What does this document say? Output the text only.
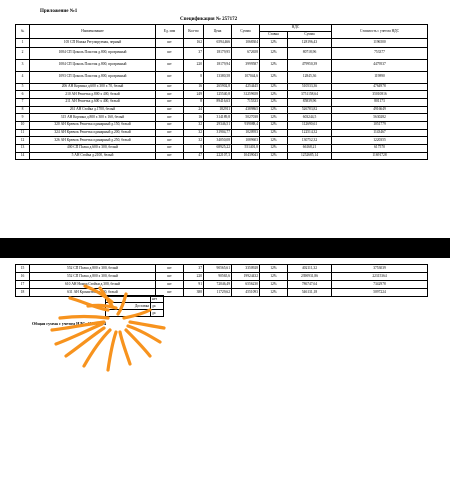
Приложение №1
Спецификация № 257172
№	Наименование	Ед. изм	Кол-во	Цена	Сумма	НДС		Стоимость с учетом НДС
						Ставка	Сумма	
1	105 СП Ножка Регулируемая, черный	шт	162	6594,466	1068304	12%	128196,43	1196500
2	1084 СП Цоколь Пластик д.800, прозрачный	шт	37	18179,95	672658	12%	80718,96	753377
3	1084 СП Цоколь Пластик д.800, прозрачный	шт	220	18179,94	3999587	12%	479950,39	4479537
4	1093 СП Цоколь Пластик д.800, прозрачный	шт	8	13380,58	107044,6	12%	12845,36	119890
5	206 АН Корзина д.600 x 300 x 70, белый	шт	16	265902,8	4254445	12%	510533,36	4764978
6	210 АН Решетка д.800 x 400, белый	шт	249	125540,8	31259658	12%	3751158,64	35010816
7	211 АН Решетка д.600 x 400, белый	шт	8	89416,63	715333	12%	85839,96	801173
8	261 АН Стойка д.1700, белый	шт	24	182911	4389865	12%	526783,82	4916649
9	315 АН Корзина д.800 x 300 x 160, белый	шт	16	314189,8	5027038	12%	603244,5	5630282
10	320 АН Крючок Решетка одинарный д.150, белый	шт	32	29346,51	939088,4	12%	112690,61	1051779
11	324 АН Крючок Решетка одинарный д.200, белый	шт	32	31904,77	1020953	12%	122514,32	1143467
12	326 АН Крючок Решетка одинарный д.250, белый	шт	32	34050,08	1089603	12%	130752,32	1220355
13	400 СП Полка д.600 x 300, белый	шт	8	68925,22	551401,8	12%	66168,21	617570
14	5 АН Стойка д.2100, белый	шт	47	222107,3	10439043	12%	1252685,14	11691728
15	552 СП Полка д.800 x 300, белый	шт	37	90565,61	3350928	12%	402111,32	3753039
16	552 СП Полка д.800 x 300, белый	шт	220	90565,6	19924432	12%	2390931,86	22315364
17	610 АН Ножка Стойки д.300, белый	шт	91	72046,49	6556230	12%	786747,64	7342978
18	631 АН Кронштейн д.300, белый	шт	388	11729,62	4551093	12%	546131,18	5097224
	нет
Доставка	да
	да
Общая сумма с учетом НДС: 111906704
